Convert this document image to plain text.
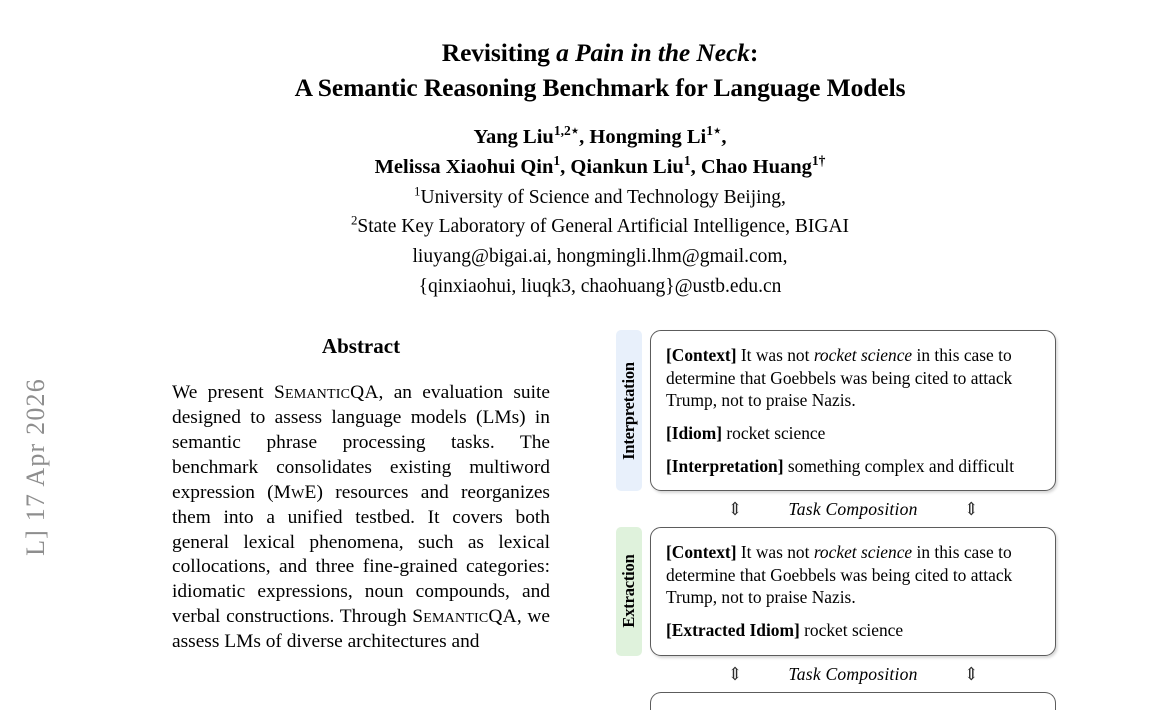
L] 17 Apr 2026
Revisiting a Pain in the Neck:
A Semantic Reasoning Benchmark for Language Models
Yang Liu$^{1,2⋆}$, Hongming $Li^{1⋆}$,
Melissa Xiaohui Qin$^1$, Qiankun Liu$^1$, Chao Huang$^{1\dagger}$
$^1$University of Science and Technology Beijing,
$^2$State Key Laboratory of General Artificial Intelligence, BIGAI
liuyang@bigai.ai, hongmingli.lhm@gmail.com,
{qinxiaohui, liuqk3, chaohuang}@ustb.edu.cn
Abstract
We present SemanticQA, an evaluation suite designed to assess language models (LMs) in semantic phrase processing tasks. The benchmark consolidates existing multiword expression (MwE) resources and reorganizes them into a unified testbed. It covers both general lexical phenomena, such as lexical collocations, and three fine-grained categories: idiomatic expressions, noun compounds, and verbal constructions. Through SemanticQA, we assess LMs of diverse architectures and
Interpretation

[Context] It was not rocket science in this case to determine that Goebbels was being cited to attack Trump, not to praise Nazis.

[Idiom] rocket science

[Interpretation] something complex and difficult

⇕	Task Composition	⇕
Extraction

[Context] It was not rocket science in this case to determine that Goebbels was being cited to attack Trump, not to praise Nazis.

[Extracted Idiom] rocket science

⇕	Task Composition	⇕
